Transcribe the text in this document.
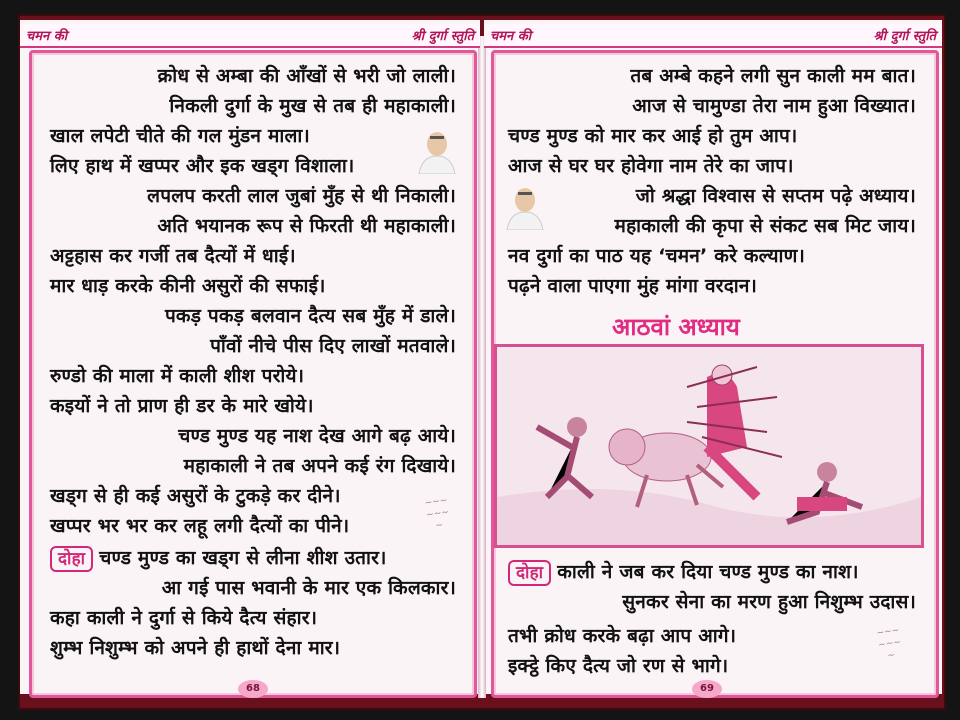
चमन की	श्री दुर्गा स्तुति	चमन की	श्री दुर्गा स्तुति
क्रोध से अम्बा की आँखों से भरी जो लाली।
निकली दुर्गा के मुख से तब ही महाकाली।
खाल लपेटी चीते की गल मुंडन माला।
लिए हाथ में खप्पर और इक खड्ग विशाला।
लपलप करती लाल जुबां मुँह से थी निकाली।
अति भयानक रूप से फिरती थी महाकाली।
अट्टहास कर गर्जी तब दैत्यों में धाई।
मार धाड़ करके कीनी असुरों की सफाई।
पकड़ पकड़ बलवान दैत्य सब मुँह में डाले।
पाँवों नीचे पीस दिए लाखों मतवाले।
रुण्डो की माला में काली शीश परोये।
कइयों ने तो प्राण ही डर के मारे खोये।
चण्ड मुण्ड यह नाश देख आगे बढ़ आये।
महाकाली ने तब अपने कई रंग दिखाये।
खड्ग से ही कई असुरों के टुकड़े कर दीने।
खप्पर भर भर कर लहू लगी दैत्यों का पीने।
दोहा चण्ड मुण्ड का खड्ग से लीना शीश उतार।
आ गई पास भवानी के मार एक किलकार।
कहा काली ने दुर्गा से किये दैत्य संहार।
शुम्भ निशुम्भ को अपने ही हाथों देना मार।
~~~
~~~
~
68
तब अम्बे कहने लगी सुन काली मम बात।
आज से चामुण्डा तेरा नाम हुआ विख्यात।
चण्ड मुण्ड को मार कर आई हो तुम आप।
आज से घर घर होवेगा नाम तेरे का जाप।
जो श्रद्धा विश्वास से सप्तम पढ़े अध्याय।
महाकाली की कृपा से संकट सब मिट जाय।
नव दुर्गा का पाठ यह ‘चमन’ करे कल्याण।
पढ़ने वाला पाएगा मुंह मांगा वरदान।
आठवां अध्याय
दोहा काली ने जब कर दिया चण्ड मुण्ड का नाश।
सुनकर सेना का मरण हुआ निशुम्भ उदास।
तभी क्रोध करके बढ़ा आप आगे।
इक्ट्ठे किए दैत्य जो रण से भागे।
~~~
~~~
~
69
